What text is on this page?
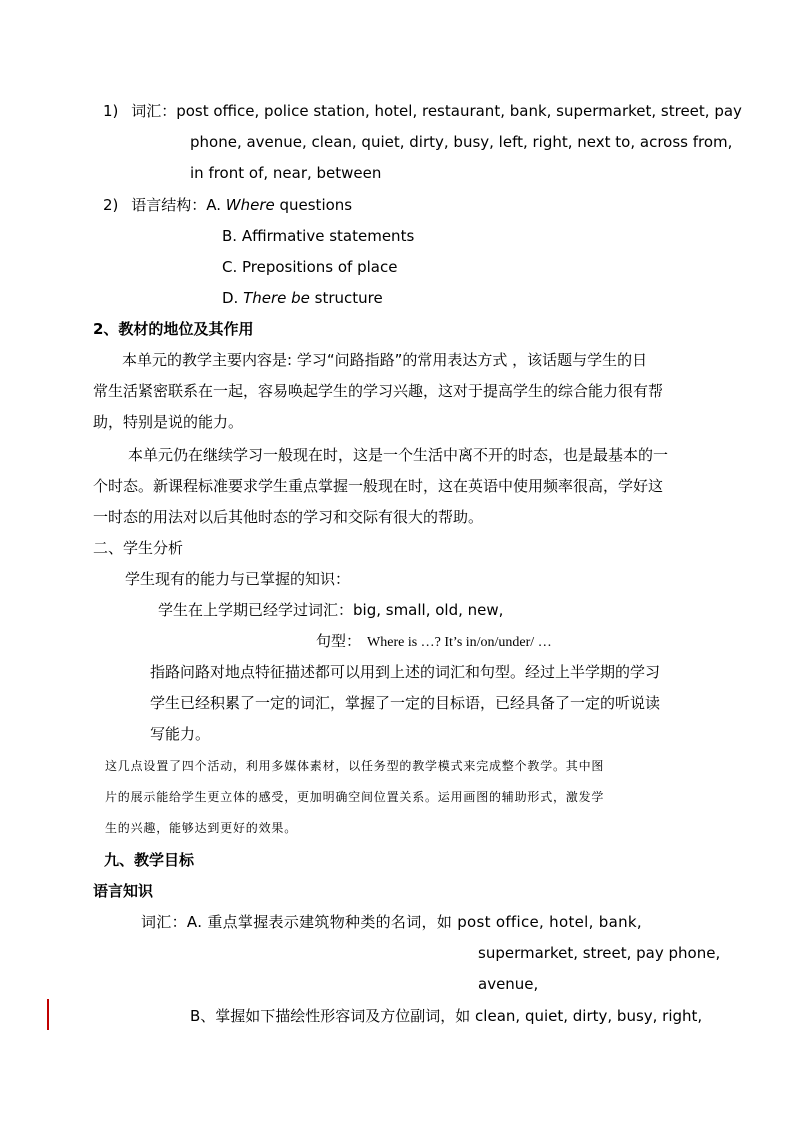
1) 词汇：post office, police station, hotel, restaurant, bank, supermarket, street, pay
phone, avenue, clean, quiet, dirty, busy, left, right, next to, across from,
in front of, near, between
2) 语言结构：A. Where questions
B. Affirmative statements
C. Prepositions of place
D. There be structure
2、教材的地位及其作用
本单元的教学主要内容是: 学习“问路指路”的常用表达方式 ，该话题与学生的日
常生活紧密联系在一起，容易唤起学生的学习兴趣，这对于提高学生的综合能力很有帮
助，特别是说的能力。
本单元仍在继续学习一般现在时，这是一个生活中离不开的时态，也是最基本的一
个时态。新课程标准要求学生重点掌握一般现在时，这在英语中使用频率很高，学好这
一时态的用法对以后其他时态的学习和交际有很大的帮助。
二、学生分析
学生现有的能力与已掌握的知识：
学生在上学期已经学过词汇：big, small, old, new,
句型： Where is …? It’s in/on/under/ …
指路问路对地点特征描述都可以用到上述的词汇和句型。经过上半学期的学习
学生已经积累了一定的词汇，掌握了一定的目标语，已经具备了一定的听说读
写能力。
这几点设置了四个活动，利用多媒体素材，以任务型的教学模式来完成整个教学。其中图
片的展示能给学生更立体的感受，更加明确空间位置关系。运用画图的辅助形式，激发学
生的兴趣，能够达到更好的效果。
九、教学目标
语言知识
词汇：A. 重点掌握表示建筑物种类的名词，如 post office, hotel, bank,
supermarket, street, pay phone,
avenue,
B、掌握如下描绘性形容词及方位副词，如 clean, quiet, dirty, busy, right,
